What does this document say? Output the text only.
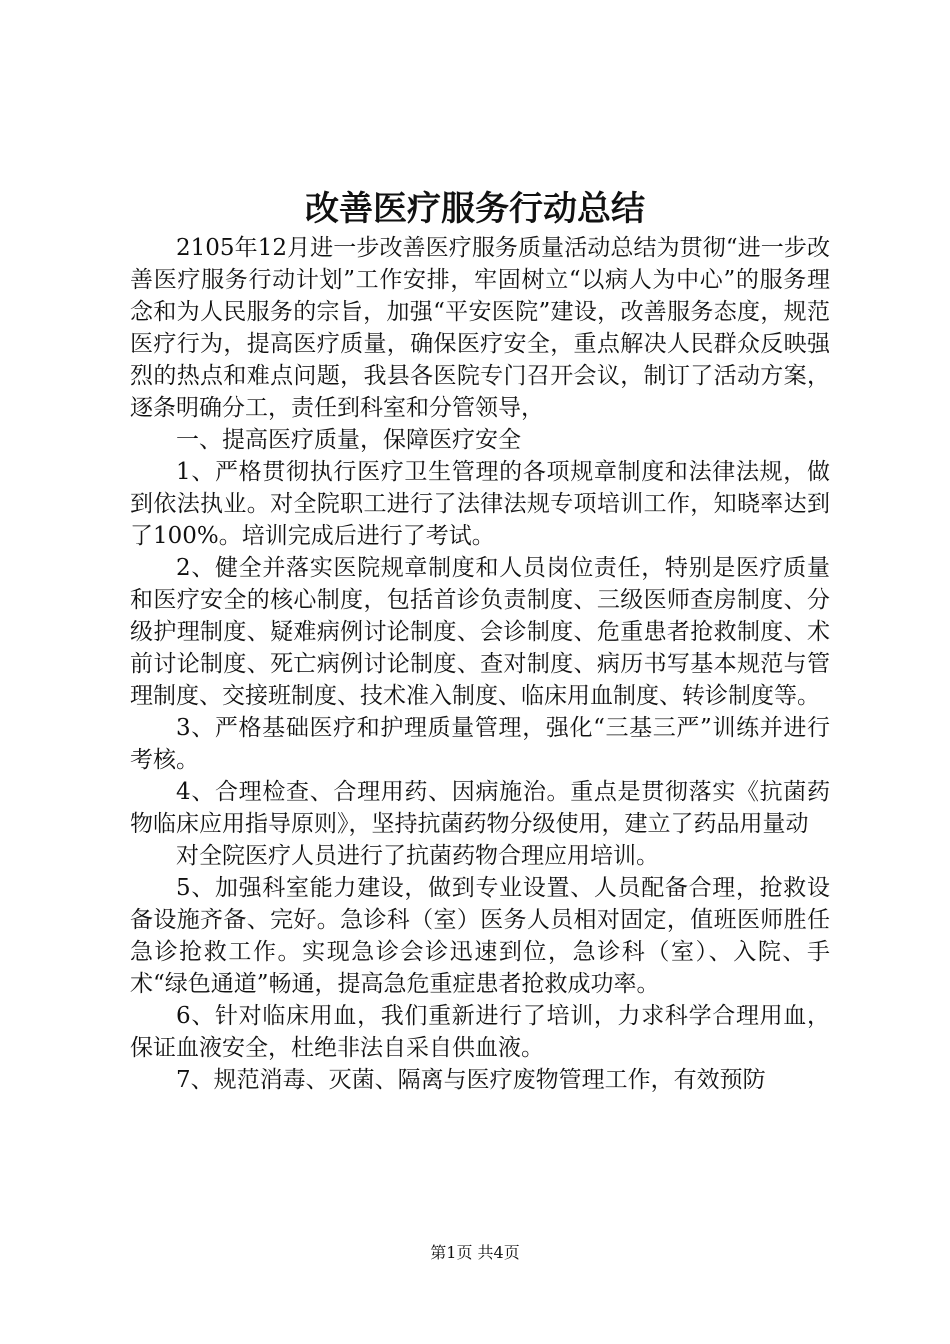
改善医疗服务行动总结

2105年12月进一步改善医疗服务质量活动总结为贯彻“进一步改善医疗服务行动计划”工作安排，牢固树立“以病人为中心”的服务理念和为人民服务的宗旨，加强“平安医院”建设，改善服务态度，规范医疗行为，提高医疗质量，确保医疗安全，重点解决人民群众反映强烈的热点和难点问题，我县各医院专门召开会议，制订了活动方案，逐条明确分工，责任到科室和分管领导，

一、提高医疗质量，保障医疗安全

1、严格贯彻执行医疗卫生管理的各项规章制度和法律法规，做到依法执业。对全院职工进行了法律法规专项培训工作，知晓率达到了100%。培训完成后进行了考试。

2、健全并落实医院规章制度和人员岗位责任，特别是医疗质量和医疗安全的核心制度，包括首诊负责制度、三级医师查房制度、分级护理制度、疑难病例讨论制度、会诊制度、危重患者抢救制度、术前讨论制度、死亡病例讨论制度、查对制度、病历书写基本规范与管理制度、交接班制度、技术准入制度、临床用血制度、转诊制度等。

3、严格基础医疗和护理质量管理，强化“三基三严”训练并进行考核。

4、合理检查、合理用药、因病施治。重点是贯彻落实《抗菌药物临床应用指导原则》，坚持抗菌药物分级使用，建立了药品用量动

对全院医疗人员进行了抗菌药物合理应用培训。

5、加强科室能力建设，做到专业设置、人员配备合理，抢救设备设施齐备、完好。急诊科（室）医务人员相对固定，值班医师胜任急诊抢救工作。实现急诊会诊迅速到位，急诊科（室）、入院、手术“绿色通道”畅通，提高急危重症患者抢救成功率。

6、针对临床用血，我们重新进行了培训，力求科学合理用血，保证血液安全，杜绝非法自采自供血液。

7、规范消毒、灭菌、隔离与医疗废物管理工作，有效预防

第1页 共4页
